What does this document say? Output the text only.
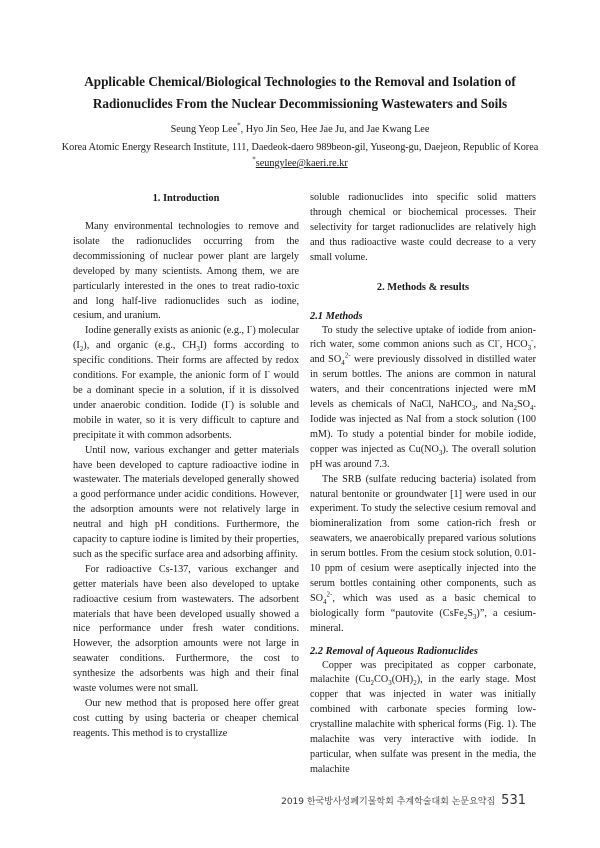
Applicable Chemical/Biological Technologies to the Removal and Isolation of
Radionuclides From the Nuclear Decommissioning Wastewaters and Soils
Seung Yeop Lee*, Hyo Jin Seo, Hee Jae Ju, and Jae Kwang Lee
Korea Atomic Energy Research Institute, 111, Daedeok-daero 989beon-gil, Yuseong-gu, Daejeon, Republic of Korea
*seungylee@kaeri.re.kr
1. Introduction

Many environmental technologies to remove and isolate the radionuclides occurring from the decommissioning of nuclear power plant are largely developed by many scientists. Among them, we are particularly interested in the ones to treat radio-toxic and long half-live radionuclides such as iodine, cesium, and uranium.

Iodine generally exists as anionic (e.g., I-) molecular $(I_2)$, and organic (e.g., $CH_3I$) forms according to specific conditions. Their forms are affected by redox conditions. For example, the anionic form of I- would be a dominant specie in a solution, if it is dissolved under anaerobic condition. Iodide (I-) is soluble and mobile in water, so it is very difficult to capture and precipitate it with common adsorbents.

Until now, various exchanger and getter materials have been developed to capture radioactive iodine in wastewater. The materials developed generally showed a good performance under acidic conditions. However, the adsorption amounts were not relatively large in neutral and high pH conditions. Furthermore, the capacity to capture iodine is limited by their properties, such as the specific surface area and adsorbing affinity.

For radioactive Cs-137, various exchanger and getter materials have been also developed to uptake radioactive cesium from wastewaters. The adsorbent materials that have been developed usually showed a nice performance under fresh water conditions. However, the adsorption amounts were not large in seawater conditions. Furthermore, the cost to synthesize the adsorbents was high and their final waste volumes were not small.

Our new method that is proposed here offer great cost cutting by using bacteria or cheaper chemical reagents. This method is to crystallize

soluble radionuclides into specific solid matters through chemical or biochemical processes. Their selectivity for target radionuclides are relatively high and thus radioactive waste could decrease to a very small volume.

2. Methods & results
2.1 Methods

To study the selective uptake of iodide from anion-rich water, some common anions such as Cl-, $HCO_3^-$, and $SO_4^{2-}$ were previously dissolved in distilled water in serum bottles. The anions are common in natural waters, and their concentrations injected were mM levels as chemicals of NaCl, NaHCO$_3$, and $Na_2SO_4$. Iodide was injected as NaI from a stock solution (100 mM). To study a potential binder for mobile iodide, copper was injected as $Cu(NO_3)$. The overall solution pH was around 7.3.

The SRB (sulfate reducing bacteria) isolated from natural bentonite or groundwater [1] were used in our experiment. To study the selective cesium removal and biomineralization from some cation-rich fresh or seawaters, we anaerobically prepared various solutions in serum bottles. From the cesium stock solution, 0.01-10 ppm of cesium were aseptically injected into the serum bottles containing other components, such as $SO_4^{2-}$, which was used as a basic chemical to biologically form “pautovite $(CsFe_2S_3)$”, a cesium-mineral.

2.2 Removal of Aqueous Radionuclides

Copper was precipitated as copper carbonate, malachite $(Cu_2CO_3(OH)_2)$, in the early stage. Most copper that was injected in water was initially combined with carbonate species forming low-crystalline malachite with spherical forms (Fig. 1). The malachite was very interactive with iodide. In particular, when sulfate was present in the media, the malachite

2019 한국방사성폐기물학회 추계학술대회 논문요약집 531
